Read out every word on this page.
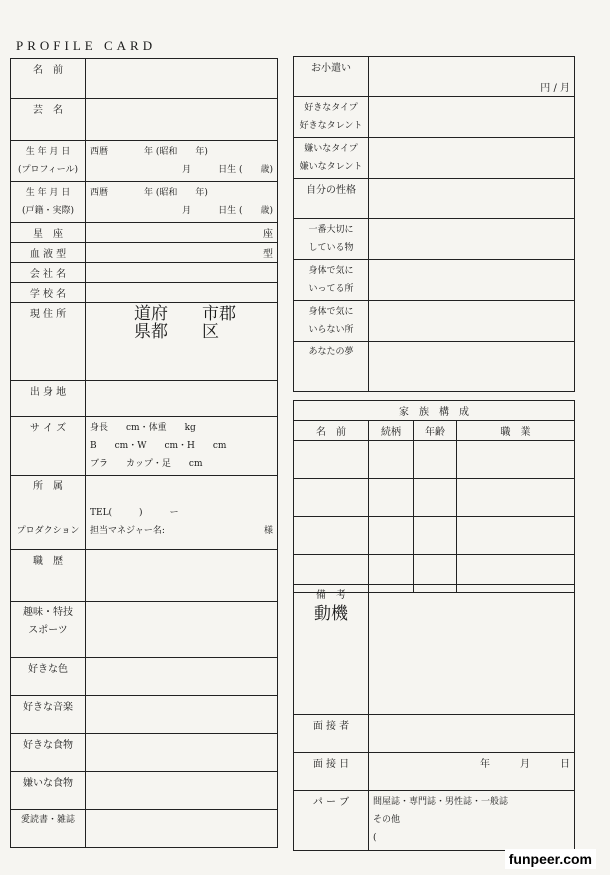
PROFILE CARD
名　前	
芸　名	

生 年 月 日
(プロフィール)	西暦　　　　年 (昭和　　年)
月　　　日生 (　　歳)

生 年 月 日
(戸籍・実際)	西暦　　　　年 (昭和　　年)
月　　　日生 (　　歳)

星　座	座
血 液 型	型
会 社 名	
学 校 名	
現 住 所	道府　　市郡
県都　　区

出 身 地	
サ イ ズ	身長　　cm・体重　　kg
B　　cm・W　　cm・H　　cm
ブラ　　カップ・足　　cm

所　属
プロダクション	TEL(　　　)　　　ー
担当マネジャー名: 様

職　歴	

趣味・特技
スポーツ	

好きな色	
好きな音楽	
好きな食物	
嫌いな食物	
愛読書・雑誌	
お小遣い	円 / 月

好きなタイプ
好きなタレント	

嫌いなタイプ
嫌いなタレント	

自分の性格	

一番大切に
している物	

身体で気に
いってる所	

身体で気に
いらない所	

あなたの夢	
家　族　構　成			
名　前	続柄	年齢	職　業

備　考
動機	

面 接 者	
面 接 日	年　　　月　　　日
パ ー ブ	間屋誌・専門誌・男性誌・一般誌
その他
(
funpeer.com
